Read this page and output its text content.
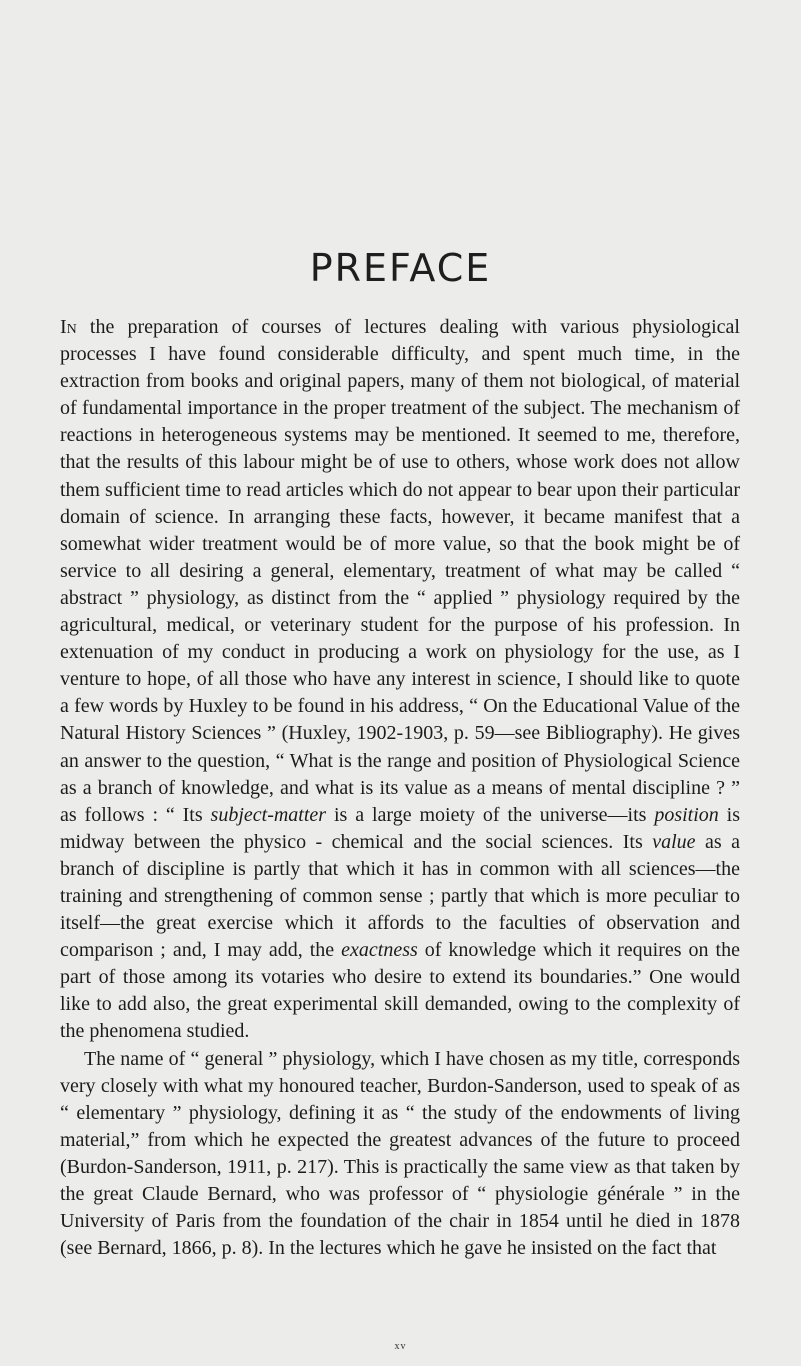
PREFACE

In the preparation of courses of lectures dealing with various physiological processes I have found considerable difficulty, and spent much time, in the extraction from books and original papers, many of them not biological, of material of fundamental importance in the proper treatment of the subject. The mechanism of reactions in heterogeneous systems may be mentioned. It seemed to me, therefore, that the results of this labour might be of use to others, whose work does not allow them sufficient time to read articles which do not appear to bear upon their particular domain of science. In arranging these facts, however, it became manifest that a somewhat wider treatment would be of more value, so that the book might be of service to all desiring a general, elementary, treatment of what may be called “ abstract ” physiology, as distinct from the “ applied ” physiology required by the agricultural, medical, or veterinary student for the purpose of his profession. In extenuation of my conduct in producing a work on physiology for the use, as I venture to hope, of all those who have any interest in science, I should like to quote a few words by Huxley to be found in his address, “ On the Educational Value of the Natural History Sciences ” (Huxley, 1902-1903, p. 59—see Bibliography). He gives an answer to the question, “ What is the range and position of Physiological Science as a branch of knowledge, and what is its value as a means of mental discipline ? ” as follows : “ Its subject-matter is a large moiety of the universe—its position is midway between the physico - chemical and the social sciences. Its value as a branch of discipline is partly that which it has in common with all sciences—the training and strengthening of common sense ; partly that which is more peculiar to itself—the great exercise which it affords to the faculties of observation and comparison ; and, I may add, the exactness of knowledge which it requires on the part of those among its votaries who desire to extend its boundaries.” One would like to add also, the great experimental skill demanded, owing to the complexity of the phenomena studied.

The name of “ general ” physiology, which I have chosen as my title, corresponds very closely with what my honoured teacher, Burdon-Sanderson, used to speak of as “ elementary ” physiology, defining it as “ the study of the endowments of living material,” from which he expected the greatest advances of the future to proceed (Burdon-Sanderson, 1911, p. 217). This is practically the same view as that taken by the great Claude Bernard, who was professor of “ physiologie générale ” in the University of Paris from the foundation of the chair in 1854 until he died in 1878 (see Bernard, 1866, p. 8). In the lectures which he gave he insisted on the fact that

xv
